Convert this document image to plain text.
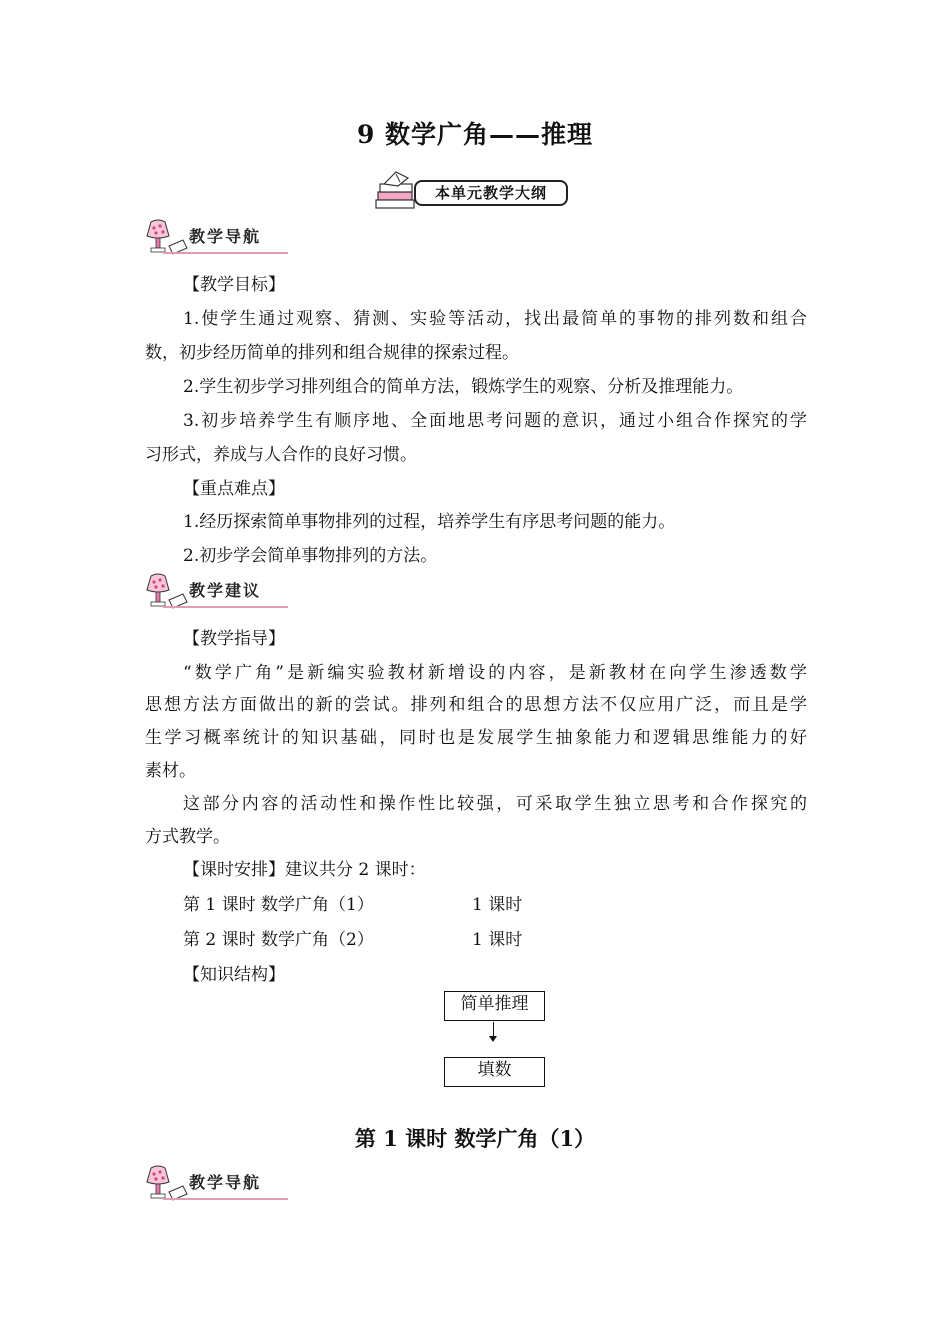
9 数学广角——推理
本单元教学大纲
教学导航
【教学目标】
1.使学生通过观察、猜测、实验等活动，找出最简单的事物的排列数和组合
数，初步经历简单的排列和组合规律的探索过程。
2.学生初步学习排列组合的简单方法，锻炼学生的观察、分析及推理能力。
3.初步培养学生有顺序地、全面地思考问题的意识，通过小组合作探究的学
习形式，养成与人合作的良好习惯。
【重点难点】
1.经历探索简单事物排列的过程，培养学生有序思考问题的能力。
2.初步学会简单事物排列的方法。
教学建议
【教学指导】
“数学广角”是新编实验教材新增设的内容，是新教材在向学生渗透数学
思想方法方面做出的新的尝试。排列和组合的思想方法不仅应用广泛，而且是学
生学习概率统计的知识基础，同时也是发展学生抽象能力和逻辑思维能力的好
素材。
这部分内容的活动性和操作性比较强，可采取学生独立思考和合作探究的
方式教学。
【课时安排】建议共分 2 课时：
第 1 课时 数学广角（1）	1 课时
第 2 课时 数学广角（2）	1 课时
【知识结构】
简单推理
填数
第 1 课时 数学广角（1）
教学导航
